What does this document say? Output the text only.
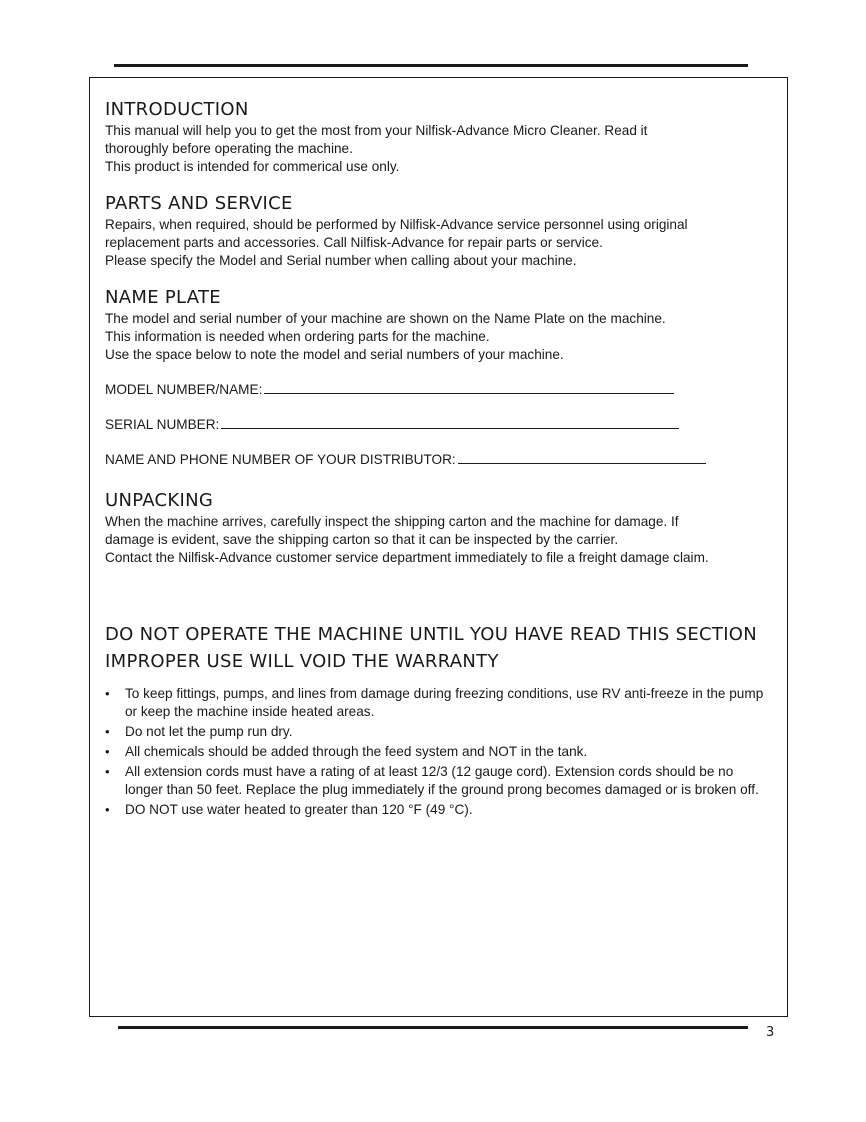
INTRODUCTION

This manual will help you to get the most from your Nilfisk-Advance Micro Cleaner. Read it

thoroughly before operating the machine.

This product is intended for commerical use only.

PARTS AND SERVICE

Repairs, when required, should be performed by Nilfisk-Advance service personnel using original

replacement parts and accessories. Call Nilfisk-Advance for repair parts or service.

Please specify the Model and Serial number when calling about your machine.

NAME PLATE

The model and serial number of your machine are shown on the Name Plate on the machine.

This information is needed when ordering parts for the machine.

Use the space below to note the model and serial numbers of your machine.

MODEL NUMBER/NAME:
SERIAL NUMBER:
NAME AND PHONE NUMBER OF YOUR DISTRIBUTOR:
UNPACKING

When the machine arrives, carefully inspect the shipping carton and the machine for damage. If

damage is evident, save the shipping carton so that it can be inspected by the carrier.

Contact the Nilfisk-Advance customer service department immediately to file a freight damage claim.

DO NOT OPERATE THE MACHINE UNTIL YOU HAVE READ THIS SECTION
IMPROPER USE WILL VOID THE WARRANTY
• To keep fittings, pumps, and lines from damage during freezing conditions, use RV anti-freeze in the pump or keep the machine inside heated areas.
• Do not let the pump run dry.
• All chemicals should be added through the feed system and NOT in the tank.
• All extension cords must have a rating of at least 12/3 (12 gauge cord). Extension cords should be no longer than 50 feet. Replace the plug immediately if the ground prong becomes damaged or is broken off.
• DO NOT use water heated to greater than 120 °F (49 °C).
3
